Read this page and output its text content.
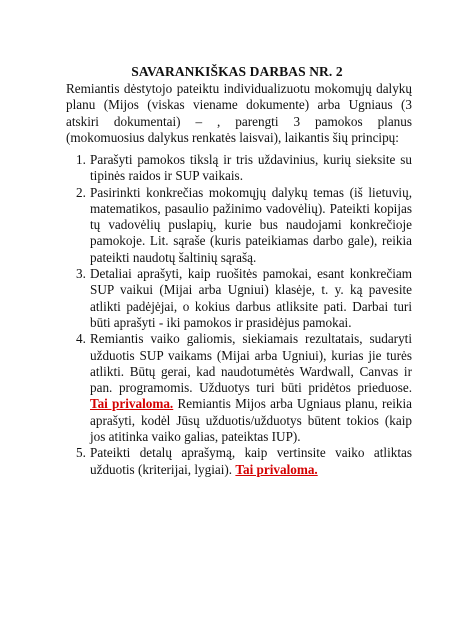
SAVARANKIŠKAS DARBAS NR. 2
Remiantis dėstytojo pateiktu individualizuotu mokomųjų dalykų planu (Mijos (viskas viename dokumente) arba Ugniaus (3 atskiri dokumentai) – , parengti 3 pamokos planus (mokomuosius dalykus renkatės laisvai), laikantis šių principų:
1. Parašyti pamokos tikslą ir tris uždavinius, kurių sieksite su tipinės raidos ir SUP vaikais.
2. Pasirinkti konkrečias mokomųjų dalykų temas (iš lietuvių, matematikos, pasaulio pažinimo vadovėlių). Pateikti kopijas tų vadovėlių puslapių, kurie bus naudojami konkrečioje pamokoje. Lit. sąraše (kuris pateikiamas darbo gale), reikia pateikti naudotų šaltinių sąrašą.
3. Detaliai aprašyti, kaip ruošitės pamokai, esant konkrečiam SUP vaikui (Mijai arba Ugniui) klasėje, t. y. ką pavesite atlikti padėjėjai, o kokius darbus atliksite pati. Darbai turi būti aprašyti - iki pamokos ir prasidėjus pamokai.
4. Remiantis vaiko galiomis, siekiamais rezultatais, sudaryti užduotis SUP vaikams (Mijai arba Ugniui), kurias jie turės atlikti. Būtų gerai, kad naudotumėtės Wardwall, Canvas ir pan. programomis. Užduotys turi būti pridėtos prieduose. Tai privaloma. Remiantis Mijos arba Ugniaus planu, reikia aprašyti, kodėl Jūsų užduotis/užduotys būtent tokios (kaip jos atitinka vaiko galias, pateiktas IUP).
5. Pateikti detalų aprašymą, kaip vertinsite vaiko atliktas užduotis (kriterijai, lygiai). Tai privaloma.
